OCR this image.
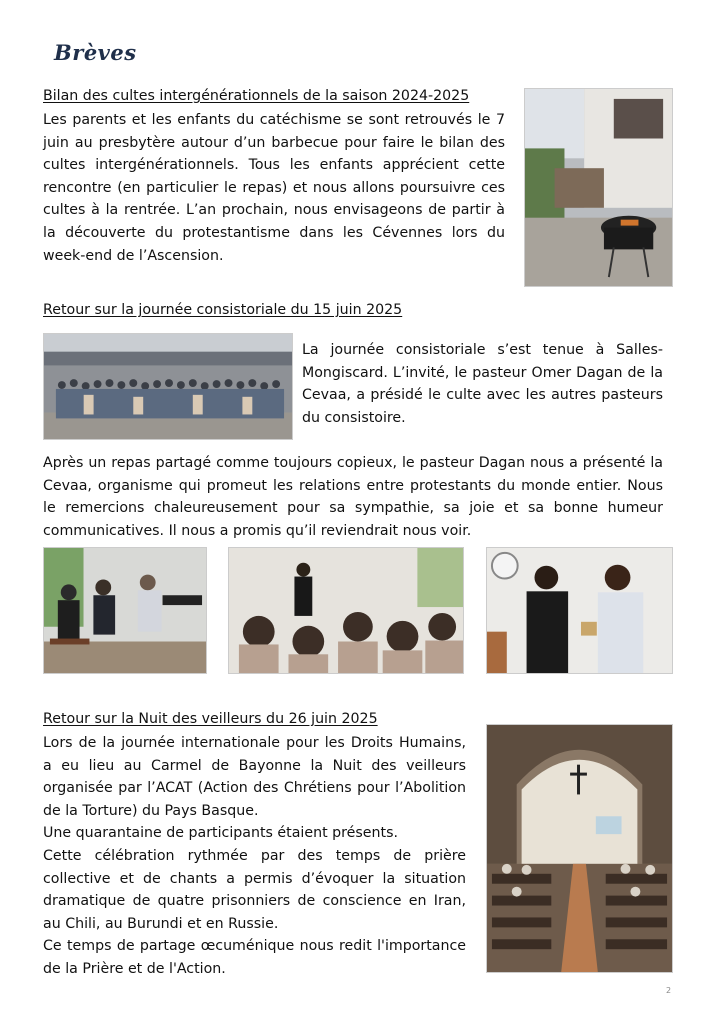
Brèves
Bilan des cultes intergénérationnels de la saison 2024-2025
Les parents et les enfants du catéchisme se sont retrouvés le 7 juin au presbytère autour d’un barbecue pour faire le bilan des cultes intergénérationnels. Tous les enfants apprécient cette rencontre (en particulier le repas) et nous allons poursuivre ces cultes à la rentrée. L’an prochain, nous envisageons de partir à la découverte du protestantisme dans les Cévennes lors du week-end de l’Ascension.
Retour sur la journée consistoriale du 15 juin 2025
La journée consistoriale s’est tenue à Salles-Mongiscard. L’invité, le pasteur Omer Dagan de la Cevaa, a présidé le culte avec les autres pasteurs du consistoire.
Après un repas partagé comme toujours copieux, le pasteur Dagan nous a présenté la Cevaa, organisme qui promeut les relations entre protestants du monde entier. Nous le remercions chaleureusement pour sa sympathie, sa joie et sa bonne humeur communicatives. Il nous a promis qu’il reviendrait nous voir.
Retour sur la Nuit des veilleurs du 26 juin 2025

Lors de la journée internationale pour les Droits Humains, a eu lieu au Carmel de Bayonne la Nuit des veilleurs organisée par l’ACAT (Action des Chrétiens pour l’Abolition de la Torture) du Pays Basque.

Une quarantaine de participants étaient présents.

Cette célébration rythmée par des temps de prière collective et de chants a permis d’évoquer la situation dramatique de quatre prisonniers de conscience en Iran, au Chili, au Burundi et en Russie.

Ce temps de partage œcuménique nous redit l'importance de la Prière et de l'Action.

2
